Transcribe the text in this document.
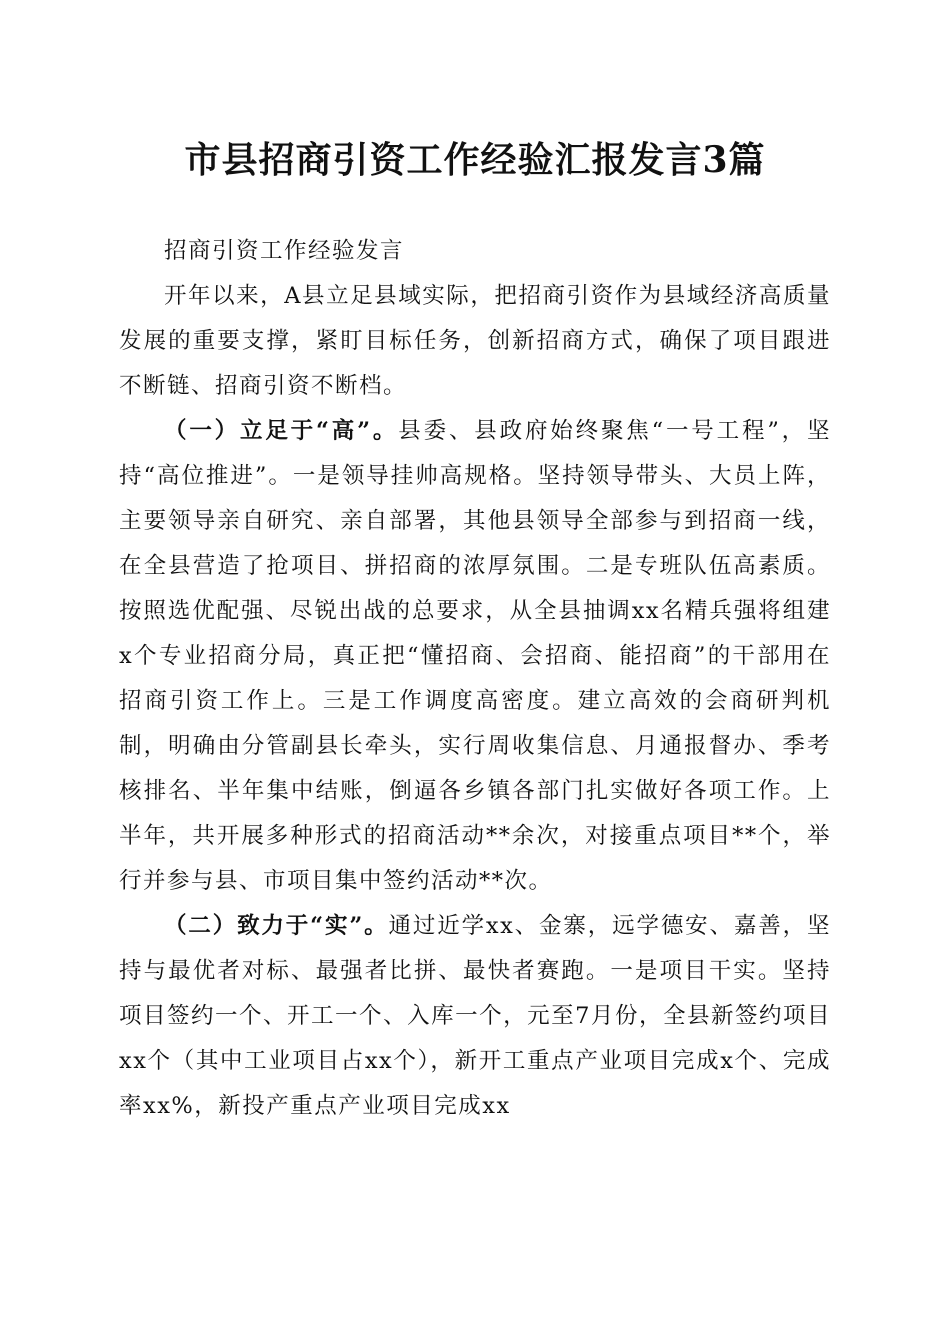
市县招商引资工作经验汇报发言3篇

招商引资工作经验发言

开年以来，A县立足县域实际，把招商引资作为县域经济高质量发展的重要支撑，紧盯目标任务，创新招商方式，确保了项目跟进不断链、招商引资不断档。

（一）立足于“高”。县委、县政府始终聚焦“一号工程”，坚持“高位推进”。一是领导挂帅高规格。坚持领导带头、大员上阵，主要领导亲自研究、亲自部署，其他县领导全部参与到招商一线，在全县营造了抢项目、拼招商的浓厚氛围。二是专班队伍高素质。按照选优配强、尽锐出战的总要求，从全县抽调xx名精兵强将组建x个专业招商分局，真正把“懂招商、会招商、能招商”的干部用在招商引资工作上。三是工作调度高密度。建立高效的会商研判机制，明确由分管副县长牵头，实行周收集信息、月通报督办、季考核排名、半年集中结账，倒逼各乡镇各部门扎实做好各项工作。上半年，共开展多种形式的招商活动**余次，对接重点项目**个，举行并参与县、市项目集中签约活动**次。

（二）致力于“实”。通过近学xx、金寨，远学德安、嘉善，坚持与最优者对标、最强者比拼、最快者赛跑。一是项目干实。坚持项目签约一个、开工一个、入库一个，元至7月份，全县新签约项目xx个（其中工业项目占xx个），新开工重点产业项目完成x个、完成率xx%，新投产重点产业项目完成xx
